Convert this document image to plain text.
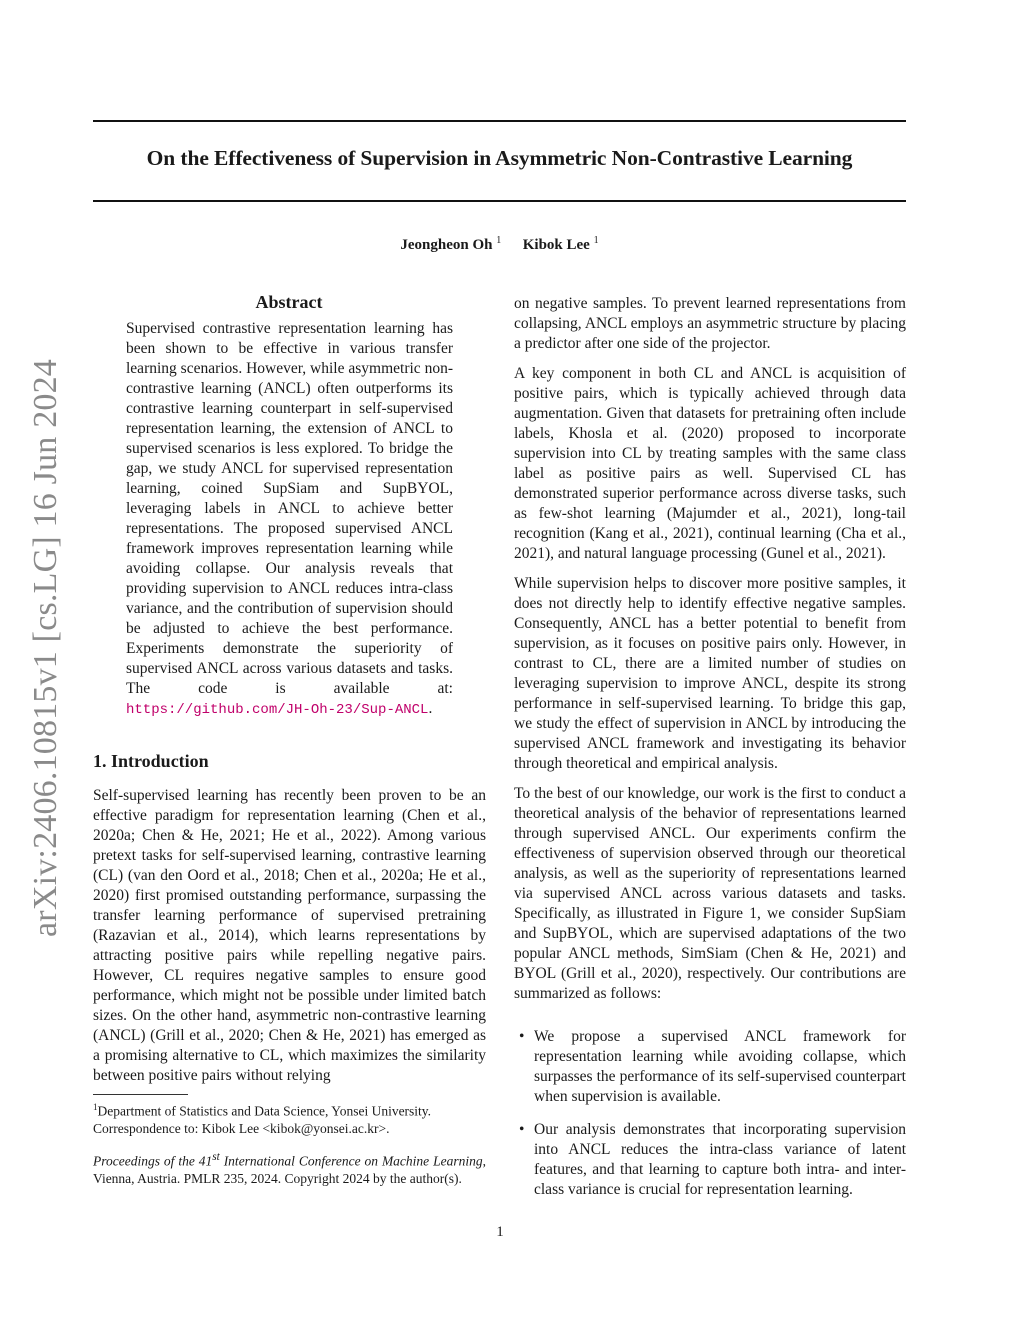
arXiv:2406.10815v1 [cs.LG] 16 Jun 2024
On the Effectiveness of Supervision in Asymmetric Non-Contrastive Learning
Jeongheon Oh $^1$ Kibok Lee $^1$
Abstract
Supervised contrastive representation learning has been shown to be effective in various transfer learning scenarios. However, while asymmetric non-contrastive learning (ANCL) often outperforms its contrastive learning counterpart in self-supervised representation learning, the extension of ANCL to supervised scenarios is less explored. To bridge the gap, we study ANCL for supervised representation learning, coined SupSiam and SupBYOL, leveraging labels in ANCL to achieve better representations. The proposed supervised ANCL framework improves representation learning while avoiding collapse. Our analysis reveals that providing supervision to ANCL reduces intra-class variance, and the contribution of supervision should be adjusted to achieve the best performance. Experiments demonstrate the superiority of supervised ANCL across various datasets and tasks. The code is available at: https://github.com/JH-Oh-23/Sup-ANCL.
1. Introduction
Self-supervised learning has recently been proven to be an effective paradigm for representation learning (Chen et al., 2020a; Chen & He, 2021; He et al., 2022). Among various pretext tasks for self-supervised learning, contrastive learning (CL) (van den Oord et al., 2018; Chen et al., 2020a; He et al., 2020) first promised outstanding performance, surpassing the transfer learning performance of supervised pretraining (Razavian et al., 2014), which learns representations by attracting positive pairs while repelling negative pairs. However, CL requires negative samples to ensure good performance, which might not be possible under limited batch sizes. On the other hand, asymmetric non-contrastive learning (ANCL) (Grill et al., 2020; Chen & He, 2021) has emerged as a promising alternative to CL, which maximizes the similarity between positive pairs without relying
$^1$Department of Statistics and Data Science, Yonsei University. Correspondence to: Kibok Lee <kibok@yonsei.ac.kr>.
Proceedings of the 41st International Conference on Machine Learning, Vienna, Austria. PMLR 235, 2024. Copyright 2024 by the author(s).

on negative samples. To prevent learned representations from collapsing, ANCL employs an asymmetric structure by placing a predictor after one side of the projector.

A key component in both CL and ANCL is acquisition of positive pairs, which is typically achieved through data augmentation. Given that datasets for pretraining often include labels, Khosla et al. (2020) proposed to incorporate supervision into CL by treating samples with the same class label as positive pairs as well. Supervised CL has demonstrated superior performance across diverse tasks, such as few-shot learning (Majumder et al., 2021), long-tail recognition (Kang et al., 2021), continual learning (Cha et al., 2021), and natural language processing (Gunel et al., 2021).

While supervision helps to discover more positive samples, it does not directly help to identify effective negative samples. Consequently, ANCL has a better potential to benefit from supervision, as it focuses on positive pairs only. However, in contrast to CL, there are a limited number of studies on leveraging supervision to improve ANCL, despite its strong performance in self-supervised learning. To bridge this gap, we study the effect of supervision in ANCL by introducing the supervised ANCL framework and investigating its behavior through theoretical and empirical analysis.

To the best of our knowledge, our work is the first to conduct a theoretical analysis of the behavior of representations learned through supervised ANCL. Our experiments confirm the effectiveness of supervision observed through our theoretical analysis, as well as the superiority of representations learned via supervised ANCL across various datasets and tasks. Specifically, as illustrated in Figure 1, we consider SupSiam and SupBYOL, which are supervised adaptations of the two popular ANCL methods, SimSiam (Chen & He, 2021) and BYOL (Grill et al., 2020), respectively. Our contributions are summarized as follows:

• We propose a supervised ANCL framework for representation learning while avoiding collapse, which surpasses the performance of its self-supervised counterpart when supervision is available.
• Our analysis demonstrates that incorporating supervision into ANCL reduces the intra-class variance of latent features, and that learning to capture both intra- and inter-class variance is crucial for representation learning.
1
